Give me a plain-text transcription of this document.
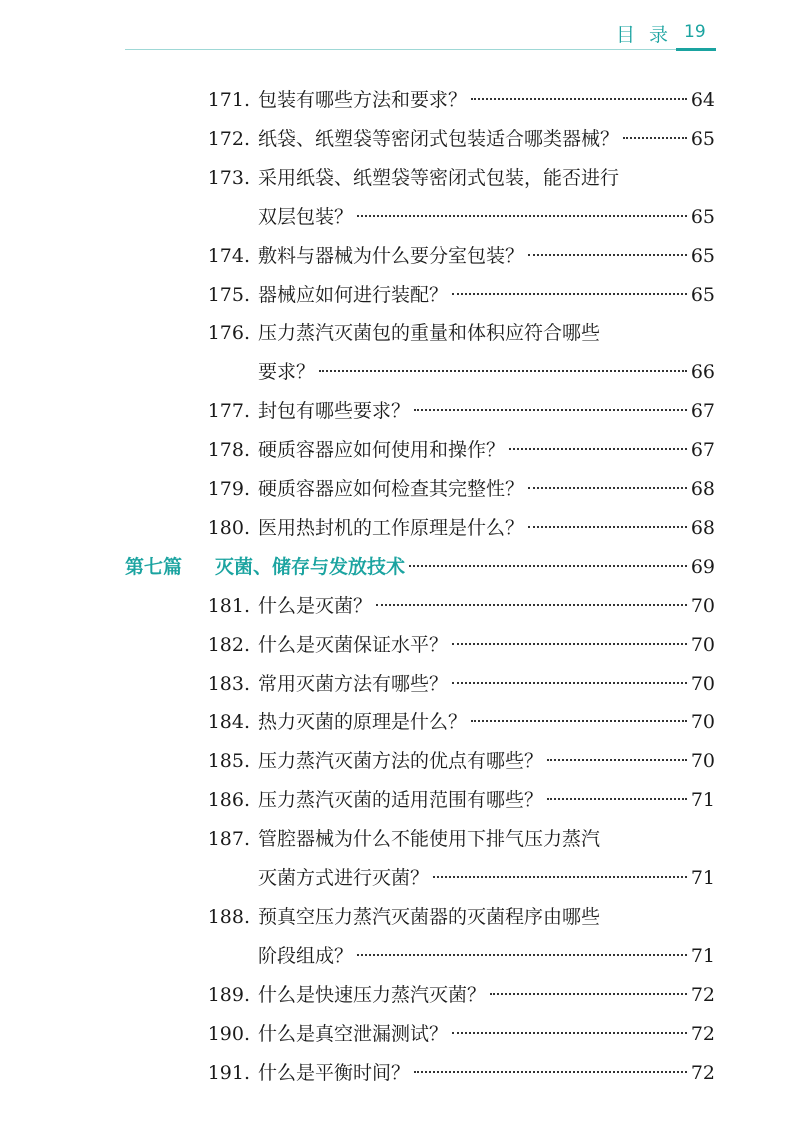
目录 19
171. 包装有哪些方法和要求？	64
172. 纸袋、纸塑袋等密闭式包装适合哪类器械？	65
173. 采用纸袋、纸塑袋等密闭式包装，能否进行
双层包装？	65
174. 敷料与器械为什么要分室包装？	65
175. 器械应如何进行装配？	65
176. 压力蒸汽灭菌包的重量和体积应符合哪些
要求？	66
177. 封包有哪些要求？	67
178. 硬质容器应如何使用和操作？	67
179. 硬质容器应如何检查其完整性？	68
180. 医用热封机的工作原理是什么？	68
第七篇	灭菌、储存与发放技术	69
181. 什么是灭菌？	70
182. 什么是灭菌保证水平？	70
183. 常用灭菌方法有哪些？	70
184. 热力灭菌的原理是什么？	70
185. 压力蒸汽灭菌方法的优点有哪些？	70
186. 压力蒸汽灭菌的适用范围有哪些？	71
187. 管腔器械为什么不能使用下排气压力蒸汽
灭菌方式进行灭菌？	71
188. 预真空压力蒸汽灭菌器的灭菌程序由哪些
阶段组成？	71
189. 什么是快速压力蒸汽灭菌？	72
190. 什么是真空泄漏测试？	72
191. 什么是平衡时间？	72
